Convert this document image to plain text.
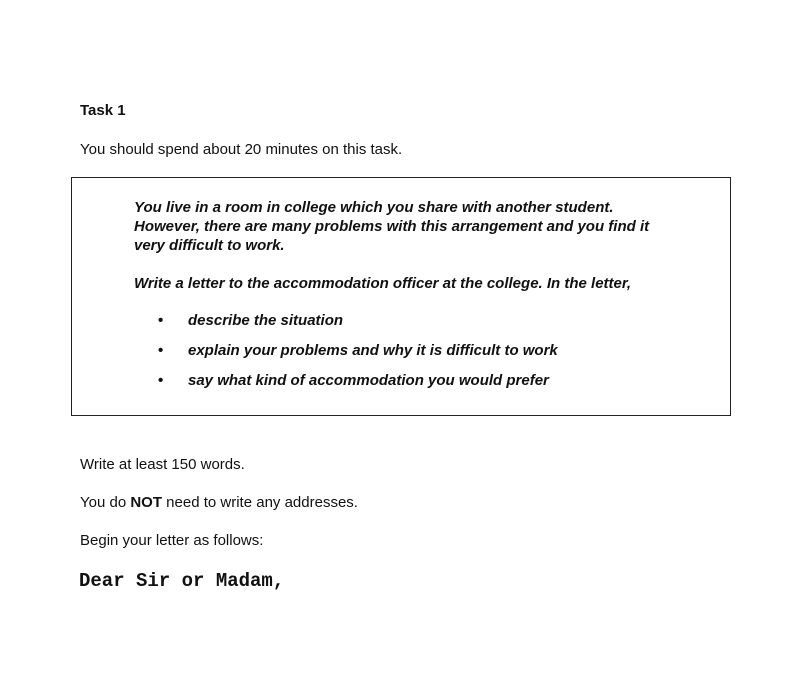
Task 1

You should spend about 20 minutes on this task.

You live in a room in college which you share with another student.
However, there are many problems with this arrangement and you find it
very difficult to work.

Write a letter to the accommodation officer at the college. In the letter,

• describe the situation
• explain your problems and why it is difficult to work
• say what kind of accommodation you would prefer

Write at least 150 words.

You do NOT need to write any addresses.

Begin your letter as follows:

Dear Sir or Madam,
